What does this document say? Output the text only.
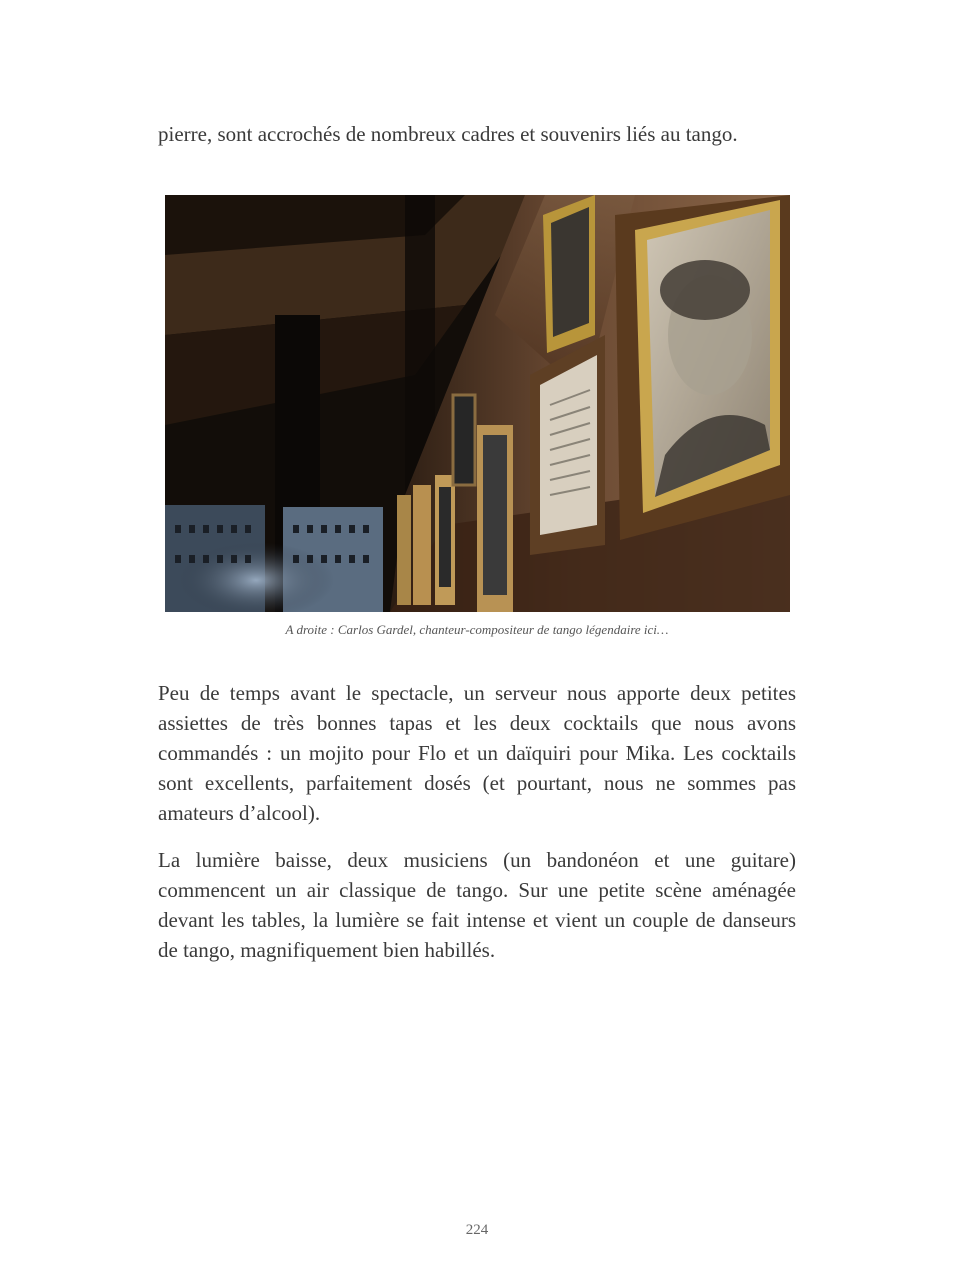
pierre, sont accrochés de nombreux cadres et souvenirs liés au tango.

A droite : Carlos Gardel, chanteur-compositeur de tango légendaire ici…

Peu de temps avant le spectacle, un serveur nous apporte deux petites assiettes de très bonnes tapas et les deux cocktails que nous avons commandés : un mojito pour Flo et un daïquiri pour Mika. Les cocktails sont excellents, parfaitement dosés (et pourtant, nous ne sommes pas amateurs d’alcool).

La lumière baisse, deux musiciens (un bandonéon et une guitare) commencent un air classique de tango. Sur une petite scène aménagée devant les tables, la lumière se fait intense et vient un couple de danseurs de tango, magnifiquement bien habillés.

224
